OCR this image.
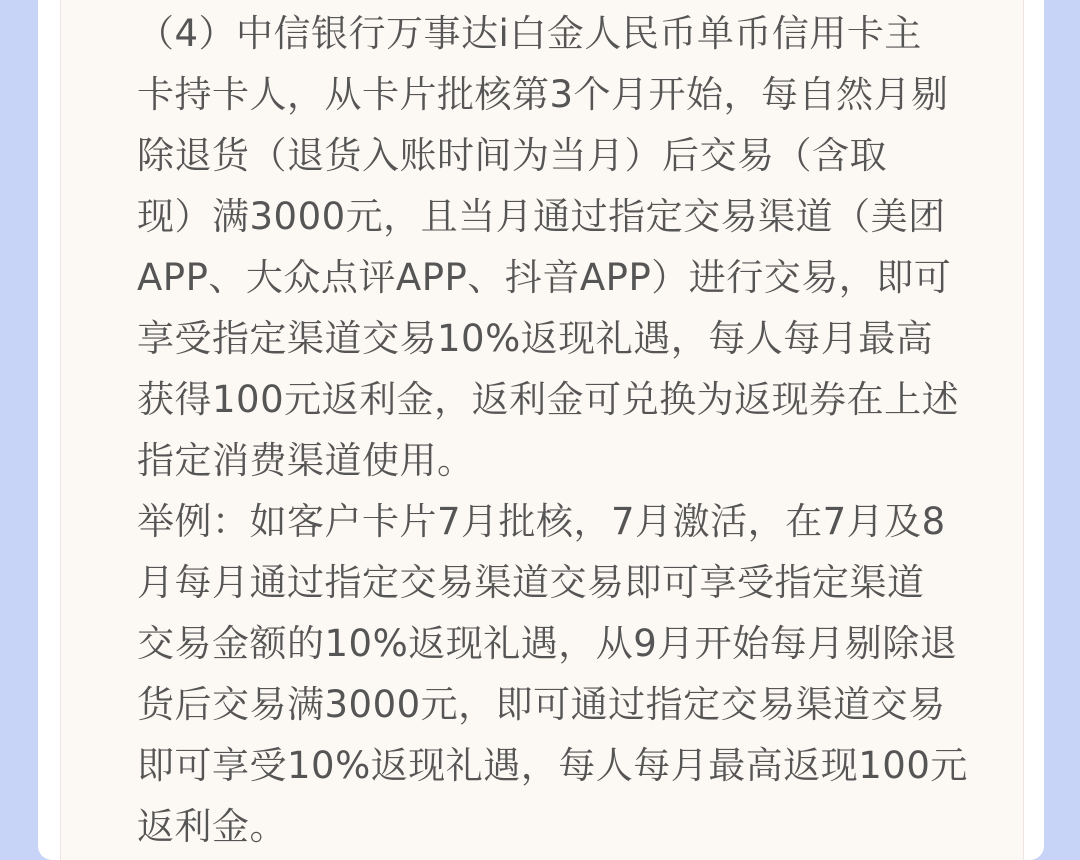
（4）中信银行万事达i白金人民币单币信用卡主
卡持卡人，从卡片批核第3个月开始，每自然月剔
除退货（退货入账时间为当月）后交易（含取
现）满3000元，且当月通过指定交易渠道（美团
APP、大众点评APP、抖音APP）进行交易，即可
享受指定渠道交易10%返现礼遇，每人每月最高
获得100元返利金，返利金可兑换为返现券在上述
指定消费渠道使用。
举例：如客户卡片7月批核，7月激活，在7月及8
月每月通过指定交易渠道交易即可享受指定渠道
交易金额的10%返现礼遇，从9月开始每月剔除退
货后交易满3000元，即可通过指定交易渠道交易
即可享受10%返现礼遇，每人每月最高返现100元
返利金。
